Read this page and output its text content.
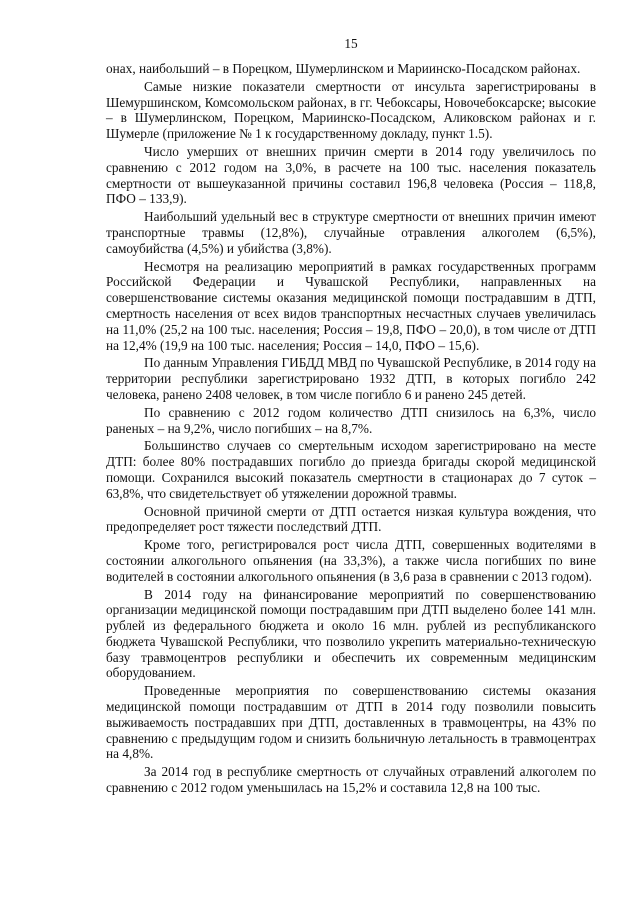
15

онах, наибольший – в Порецком, Шумерлинском и Мариинско-Посадском районах.

Самые низкие показатели смертности от инсульта зарегистрированы в Шемуршинском, Комсомольском районах, в гг. Чебоксары, Новочебоксарске; высокие – в Шумерлинском, Порецком, Мариинско-Посадском, Аликовском районах и г. Шумерле (приложение № 1 к государственному докладу, пункт 1.5).

Число умерших от внешних причин смерти в 2014 году увеличилось по сравнению с 2012 годом на 3,0%, в расчете на 100 тыс. населения показатель смертности от вышеуказанной причины составил 196,8 человека (Россия – 118,8, ПФО – 133,9).

Наибольший удельный вес в структуре смертности от внешних причин имеют транспортные травмы (12,8%), случайные отравления алкоголем (6,5%), самоубийства (4,5%) и убийства (3,8%).

Несмотря на реализацию мероприятий в рамках государственных программ Российской Федерации и Чувашской Республики, направленных на совершенствование системы оказания медицинской помощи пострадавшим в ДТП, смертность населения от всех видов транспортных несчастных случаев увеличилась на 11,0% (25,2 на 100 тыс. населения; Россия – 19,8, ПФО – 20,0), в том числе от ДТП на 12,4% (19,9 на 100 тыс. населения; Россия – 14,0, ПФО – 15,6).

По данным Управления ГИБДД МВД по Чувашской Республике, в 2014 году на территории республики зарегистрировано 1932 ДТП, в которых погибло 242 человека, ранено 2408 человек, в том числе погибло 6 и ранено 245 детей.

По сравнению с 2012 годом количество ДТП снизилось на 6,3%, число раненых – на 9,2%, число погибших – на 8,7%.

Большинство случаев со смертельным исходом зарегистрировано на месте ДТП: более 80% пострадавших погибло до приезда бригады скорой медицинской помощи. Сохранился высокий показатель смертности в стационарах до 7 суток – 63,8%, что свидетельствует об утяжелении дорожной травмы.

Основной причиной смерти от ДТП остается низкая культура вождения, что предопределяет рост тяжести последствий ДТП.

Кроме того, регистрировался рост числа ДТП, совершенных водителями в состоянии алкогольного опьянения (на 33,3%), а также числа погибших по вине водителей в состоянии алкогольного опьянения (в 3,6 раза в сравнении с 2013 годом).

В 2014 году на финансирование мероприятий по совершенствованию организации медицинской помощи пострадавшим при ДТП выделено более 141 млн. рублей из федерального бюджета и около 16 млн. рублей из республиканского бюджета Чувашской Республики, что позволило укрепить материально-техническую базу травмоцентров республики и обеспечить их современным медицинским оборудованием.

Проведенные мероприятия по совершенствованию системы оказания медицинской помощи пострадавшим от ДТП в 2014 году позволили повысить выживаемость пострадавших при ДТП, доставленных в травмоцентры, на 43% по сравнению с предыдущим годом и снизить больничную летальность в травмоцентрах на 4,8%.

За 2014 год в республике смертность от случайных отравлений алкоголем по сравнению с 2012 годом уменьшилась на 15,2% и составила 12,8 на 100 тыс.
